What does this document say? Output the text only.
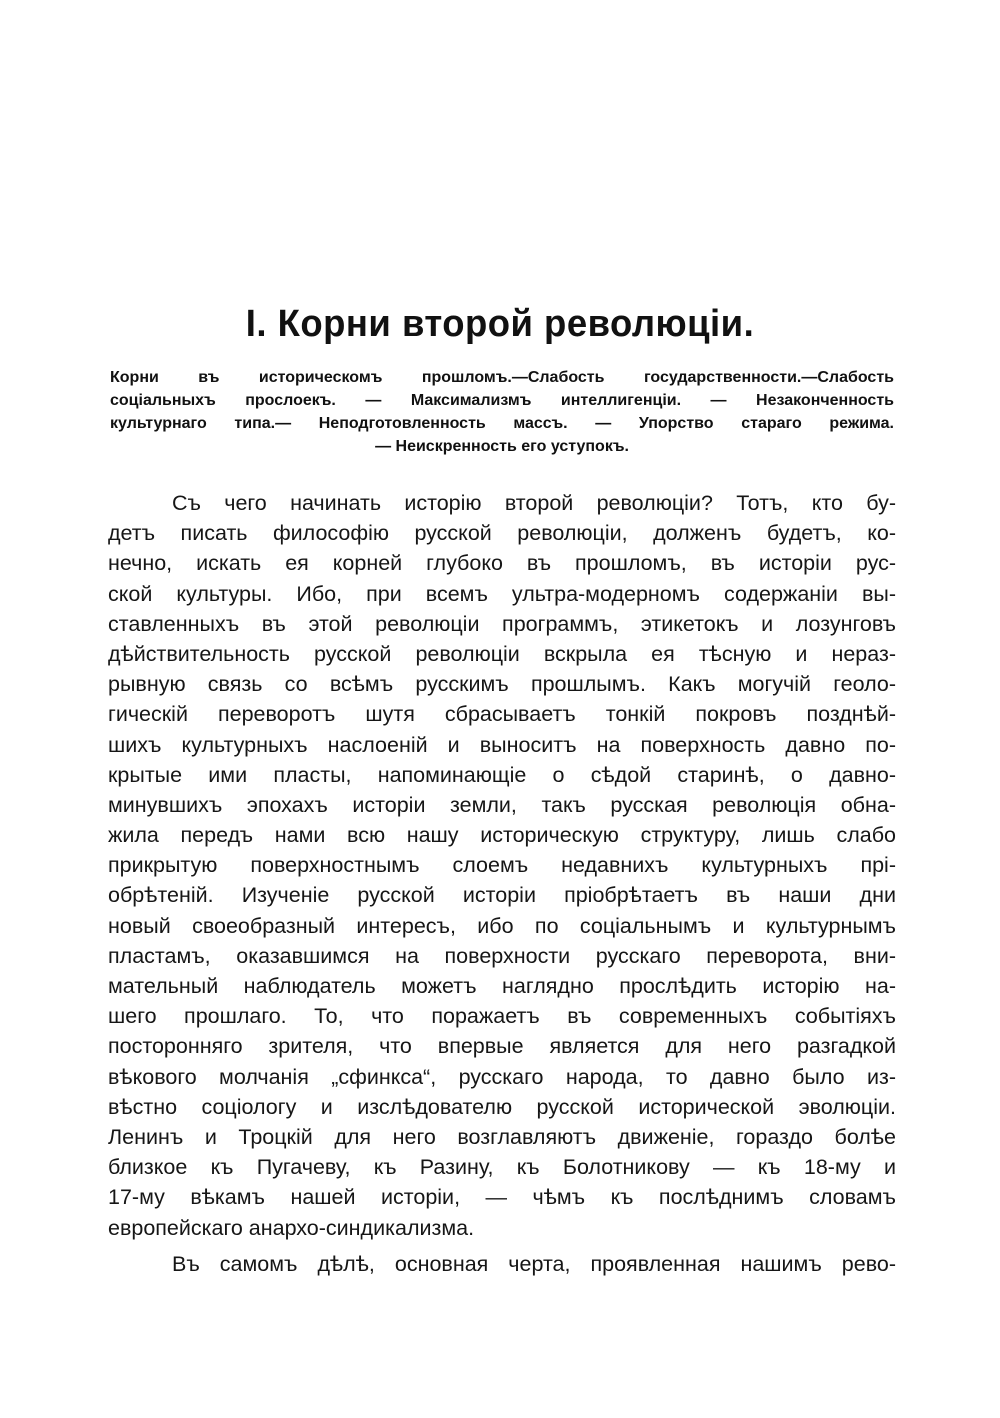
I. Корни второй революціи.
Корни въ историческомъ прошломъ.—Слабость государственности.—Слабость
соціальныхъ прослоекъ. — Максимализмъ интеллигенціи. — Незаконченность
культурнаго типа.— Неподготовленность массъ. — Упорство стараго режима.
— Неискренность его уступокъ.
Съ чего начинать исторію второй революціи? Тотъ, кто бу-
детъ писать философію русской революціи, долженъ будетъ, ко-
нечно, искать ея корней глубоко въ прошломъ, въ исторіи рус-
ской культуры. Ибо, при всемъ ультра-модерномъ содержаніи вы-
ставленныхъ въ этой революціи программъ, этикетокъ и лозунговъ
дѣйствительность русской революціи вскрыла ея тѣсную и нераз-
рывную связь со всѣмъ русскимъ прошлымъ. Какъ могучій геоло-
гическій переворотъ шутя сбрасываетъ тонкій покровъ позднѣй-
шихъ культурныхъ наслоеній и выноситъ на поверхность давно по-
крытые ими пласты, напоминающіе о сѣдой старинѣ, о давно-
минувшихъ эпохахъ исторіи земли, такъ русская революція обна-
жила передъ нами всю нашу историческую структуру, лишь слабо
прикрытую поверхностнымъ слоемъ недавнихъ культурныхъ прі-
обрѣтеній. Изученіе русской исторіи пріобрѣтаетъ въ наши дни
новый своеобразный интересъ, ибо по соціальнымъ и культурнымъ
пластамъ, оказавшимся на поверхности русскаго переворота, вни-
мательный наблюдатель можетъ наглядно прослѣдить исторію на-
шего прошлаго. То, что поражаетъ въ современныхъ событіяхъ
посторонняго зрителя, что впервые является для него разгадкой
вѣкового молчанія „сфинкса“, русскаго народа, то давно было из-
вѣстно соціологу и изслѣдователю русской исторической эволюціи.
Ленинъ и Троцкій для него возглавляютъ движеніе, гораздо болѣе
близкое къ Пугачеву, къ Разину, къ Болотникову — къ 18-му и
17-му вѣкамъ нашей исторіи, — чѣмъ къ послѣднимъ словамъ
европейскаго анархо-синдикализма.
Въ самомъ дѣлѣ, основная черта, проявленная нашимъ рево-
